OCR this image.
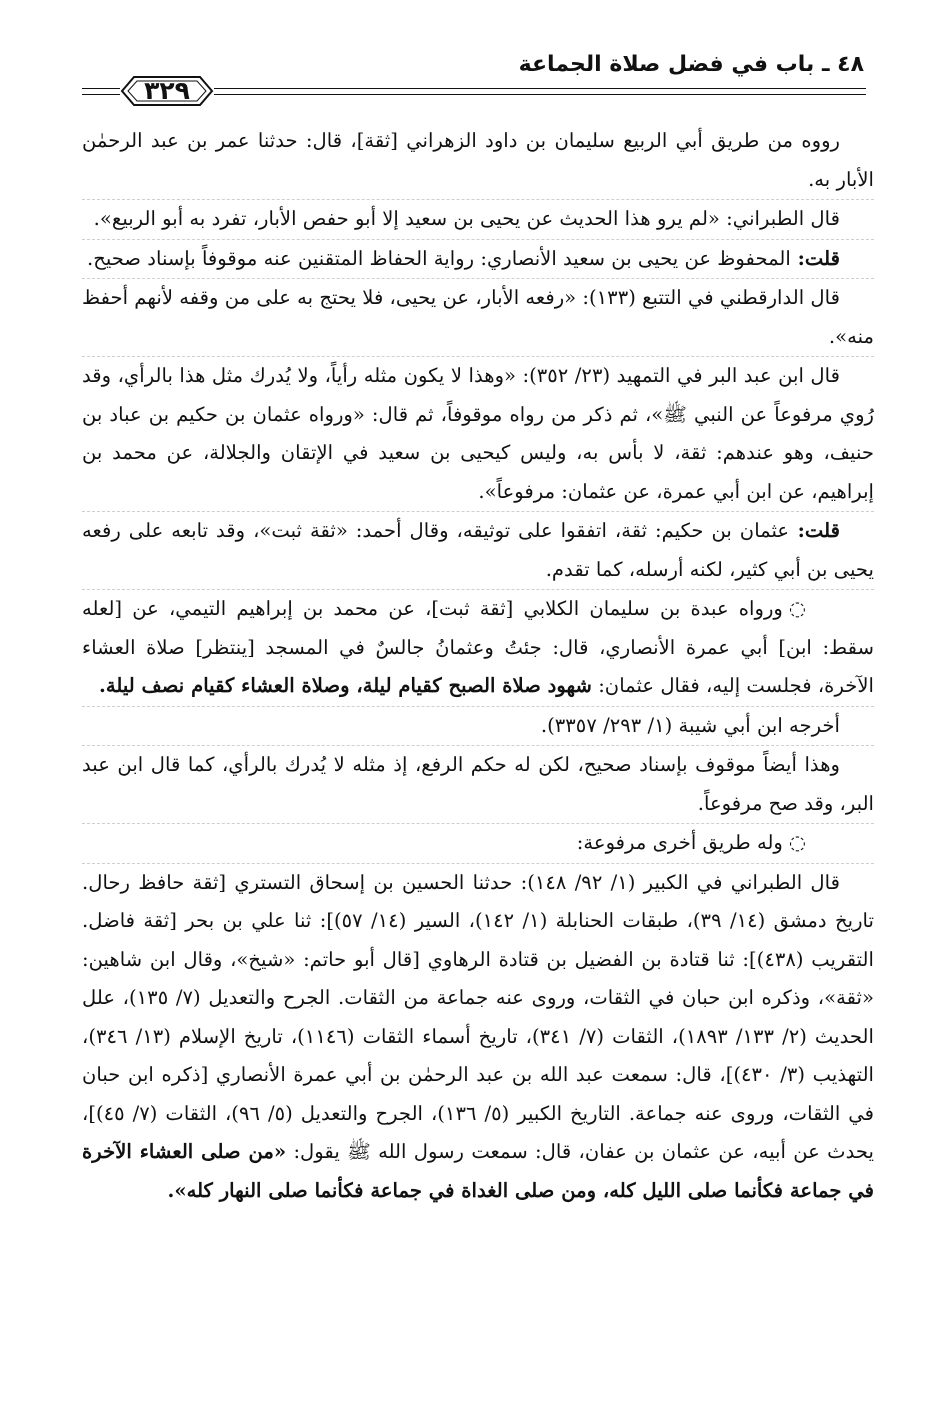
٤٨ ـ باب في فضل صلاة الجماعة
٣٢٩

رووه من طريق أبي الربيع سليمان بن داود الزهراني [ثقة]، قال: حدثنا عمر بن عبد الرحمٰن الأبار به.

قال الطبراني: «لم يرو هذا الحديث عن يحيى بن سعيد إلا أبو حفص الأبار، تفرد به أبو الربيع».

قلت: المحفوظ عن يحيى بن سعيد الأنصاري: رواية الحفاظ المتقنين عنه موقوفاً بإسناد صحيح.

قال الدارقطني في التتبع (١٣٣): «رفعه الأبار، عن يحيى، فلا يحتج به على من وقفه لأنهم أحفظ منه».

قال ابن عبد البر في التمهيد (٢٣/ ٣٥٢): «وهذا لا يكون مثله رأياً، ولا يُدرك مثل هذا بالرأي، وقد رُوي مرفوعاً عن النبي ﷺ»، ثم ذكر من رواه موقوفاً، ثم قال: «ورواه عثمان بن حكيم بن عباد بن حنيف، وهو عندهم: ثقة، لا بأس به، وليس كيحيى بن سعيد في الإتقان والجلالة، عن محمد بن إبراهيم، عن ابن أبي عمرة، عن عثمان: مرفوعاً».

قلت: عثمان بن حكيم: ثقة، اتفقوا على توثيقه، وقال أحمد: «ثقة ثبت»، وقد تابعه على رفعه يحيى بن أبي كثير، لكنه أرسله، كما تقدم.

◌ورواه عبدة بن سليمان الكلابي [ثقة ثبت]، عن محمد بن إبراهيم التيمي، عن [لعله سقط: ابن] أبي عمرة الأنصاري، قال: جئتُ وعثمانُ جالسٌ في المسجد [ينتظر] صلاة العشاء الآخرة، فجلست إليه، فقال عثمان: شهود صلاة الصبح كقيام ليلة، وصلاة العشاء كقيام نصف ليلة.

أخرجه ابن أبي شيبة (١/ ٢٩٣/ ٣٣٥٧).

وهذا أيضاً موقوف بإسناد صحيح، لكن له حكم الرفع، إذ مثله لا يُدرك بالرأي، كما قال ابن عبد البر، وقد صح مرفوعاً.

◌وله طريق أخرى مرفوعة:

قال الطبراني في الكبير (١/ ٩٢/ ١٤٨): حدثنا الحسين بن إسحاق التستري [ثقة حافظ رحال. تاريخ دمشق (١٤/ ٣٩)، طبقات الحنابلة (١/ ١٤٢)، السير (١٤/ ٥٧)]: ثنا علي بن بحر [ثقة فاضل. التقريب (٤٣٨)]: ثنا قتادة بن الفضيل بن قتادة الرهاوي [قال أبو حاتم: «شيخ»، وقال ابن شاهين: «ثقة»، وذكره ابن حبان في الثقات، وروى عنه جماعة من الثقات. الجرح والتعديل (٧/ ١٣٥)، علل الحديث (٢/ ١٣٣/ ١٨٩٣)، الثقات (٧/ ٣٤١)، تاريخ أسماء الثقات (١١٤٦)، تاريخ الإسلام (١٣/ ٣٤٦)، التهذيب (٣/ ٤٣٠)]، قال: سمعت عبد الله بن عبد الرحمٰن بن أبي عمرة الأنصاري [ذكره ابن حبان في الثقات، وروى عنه جماعة. التاريخ الكبير (٥/ ١٣٦)، الجرح والتعديل (٥/ ٩٦)، الثقات (٧/ ٤٥)]، يحدث عن أبيه، عن عثمان بن عفان، قال: سمعت رسول الله ﷺ يقول: «من صلى العشاء الآخرة في جماعة فكأنما صلى الليل كله، ومن صلى الغداة في جماعة فكأنما صلى النهار كله».
